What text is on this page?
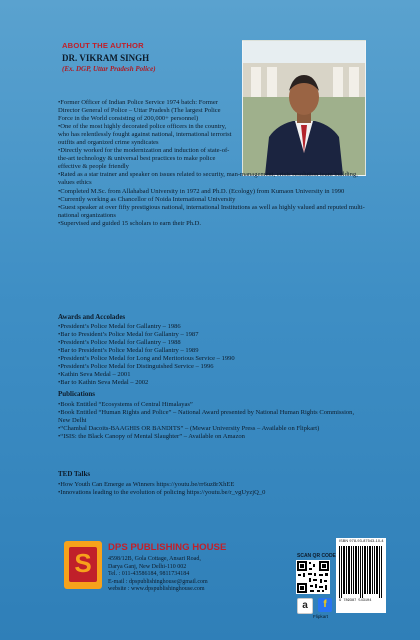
ABOUT THE AUTHOR
DR. VIKRAM SINGH
(Ex. DGP, Uttar Pradesh Police)

•Former Officer of Indian Police Service 1974 batch: Former Director General of Police – Uttar Pradesh (The largest Police Force in the World consisting of 200,000+ personnel)

•One of the most highly decorated police officers in the country, who has relentlessly fought against national, international terrorist outfits and organized crime syndicates

•Directly worked for the modernization and induction of state-of-the-art technology & universal best practices to make police effective & people friendly

•Rated as a star trainer and speaker on issues related to security, man-management, crisis resolution team building, values ethics

•Completed M.Sc. from Allahabad University in 1972 and Ph.D. (Ecology) from Kumaon University in 1990

•Currently working as Chancellor of Noida International University

•Guest speaker at over fifty prestigious national, international Institutions as well as highly valued and reputed multi-national organizations

•Supervised and guided 15 scholars to earn their Ph.D.

Awards and Accolades

•President’s Police Medal for Gallantry – 1986

•Bar to President’s Police Medal for Gallantry – 1987

•President’s Police Medal for Gallantry – 1988

•Bar to President’s Police Medal for Gallantry – 1989

•President’s Police Medal for Long and Meritorious Service – 1990

•President’s Police Medal for Distinguished Service – 1996

•Kathin Seva Medal – 2001

•Bar to Kathin Seva Medal – 2002

Publications

•Book Entitled “Ecosystems of Central Himalayas”

•Book Entitled “Human Rights and Police” – National Award presented by National Human Rights Commission, New Delhi

•“Chambal Dacoits-BAAGHIS OR BANDITS” – (Mewar University Press – Available on Flipkart)

•“ISIS: the Black Canopy of Mental Slaughter” – Available on Amazon

TED Talks

•How Youth Can Emerge as Winners https://youtu.be/rr6uz8rXhEE

•Innovations leading to the evolution of policing https://youtu.be/r_vgUyzjQ_0

S
DPS PUBLISHING HOUSE
4598/12B, Gola Cottage, Ansari Road,
Darya Ganj, New Delhi-110 002
Tel. : 011-43586184, 9811734184
E-mail : dpspublishinghouse@gmail.com
website : www.dpspublishinghouse.com
SCAN QR CODE
a	f
Flipkart
ISBN 978-93-87543-10-4
9 789387 543104
